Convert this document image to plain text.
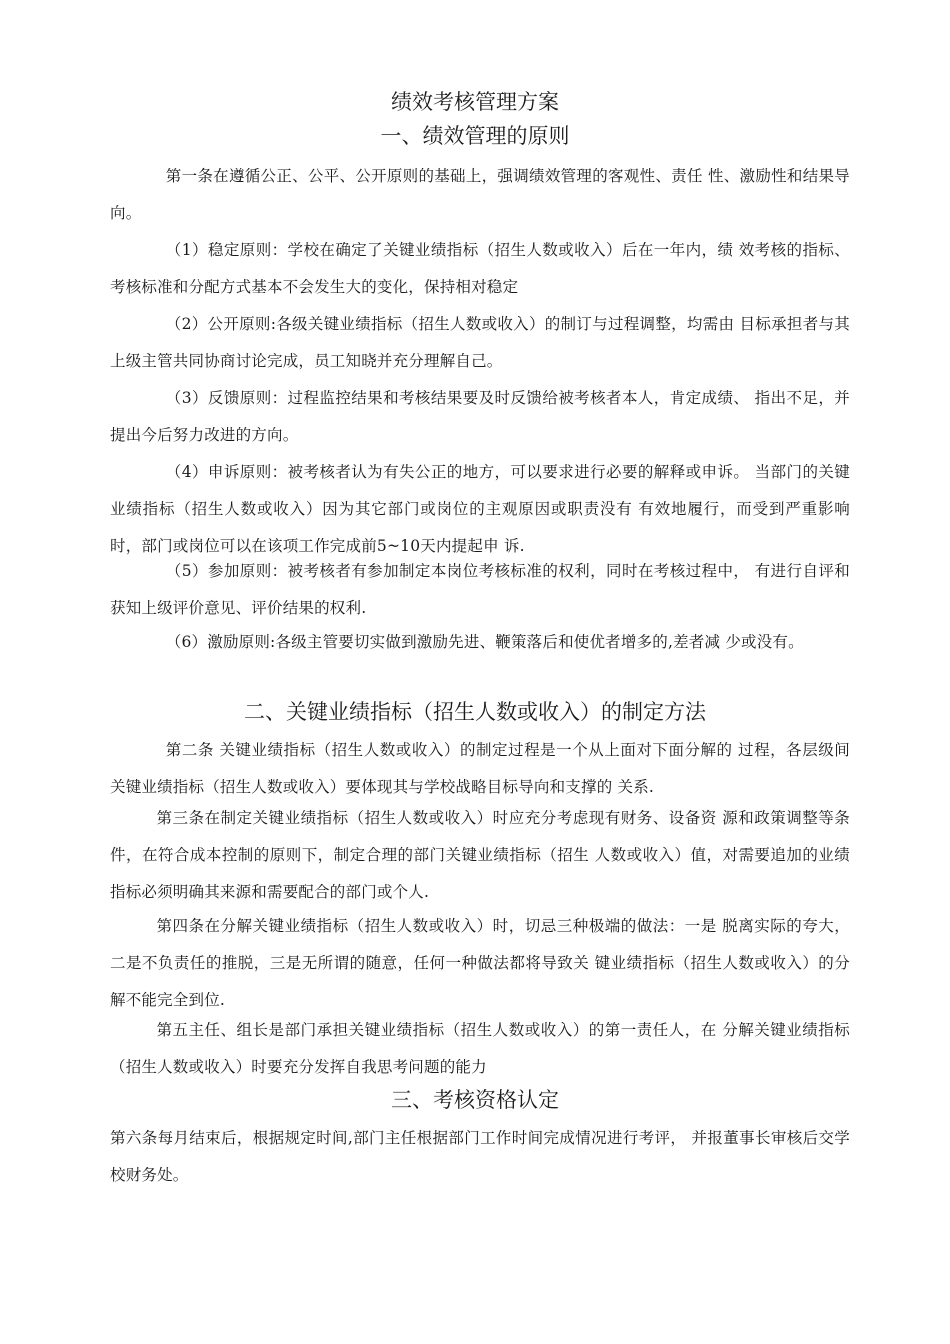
绩效考核管理方案
一、绩效管理的原则

第一条在遵循公正、公平、公开原则的基础上，强调绩效管理的客观性、责任 性、激励性和结果导向。

（1）稳定原则：学校在确定了关键业绩指标（招生人数或收入）后在一年内，绩 效考核的指标、考核标准和分配方式基本不会发生大的变化，保持相对稳定

（2）公开原则:各级关键业绩指标（招生人数或收入）的制订与过程调整，均需由 目标承担者与其上级主管共同协商讨论完成，员工知晓并充分理解自己。

（3）反馈原则：过程监控结果和考核结果要及时反馈给被考核者本人，肯定成绩、 指出不足，并提出今后努力改进的方向。

（4）申诉原则：被考核者认为有失公正的地方，可以要求进行必要的解释或申诉。 当部门的关键业绩指标（招生人数或收入）因为其它部门或岗位的主观原因或职责没有 有效地履行，而受到严重影响时，部门或岗位可以在该项工作完成前5~10天内提起申 诉.

（5）参加原则：被考核者有参加制定本岗位考核标准的权利，同时在考核过程中， 有进行自评和获知上级评价意见、评价结果的权利.

（6）激励原则:各级主管要切实做到激励先进、鞭策落后和使优者增多的,差者减 少或没有。

二、关键业绩指标（招生人数或收入）的制定方法

第二条 关键业绩指标（招生人数或收入）的制定过程是一个从上面对下面分解的 过程，各层级间关键业绩指标（招生人数或收入）要体现其与学校战略目标导向和支撑的 关系.

第三条在制定关键业绩指标（招生人数或收入）时应充分考虑现有财务、设备资 源和政策调整等条件，在符合成本控制的原则下，制定合理的部门关键业绩指标（招生 人数或收入）值，对需要追加的业绩指标必须明确其来源和需要配合的部门或个人.

第四条在分解关键业绩指标（招生人数或收入）时，切忌三种极端的做法：一是 脱离实际的夸大，二是不负责任的推脱，三是无所谓的随意，任何一种做法都将导致关 键业绩指标（招生人数或收入）的分解不能完全到位.

第五主任、组长是部门承担关键业绩指标（招生人数或收入）的第一责任人，在 分解关键业绩指标（招生人数或收入）时要充分发挥自我思考问题的能力

三、考核资格认定

第六条每月结束后，根据规定时间,部门主任根据部门工作时间完成情况进行考评， 并报董事长审核后交学校财务处。
